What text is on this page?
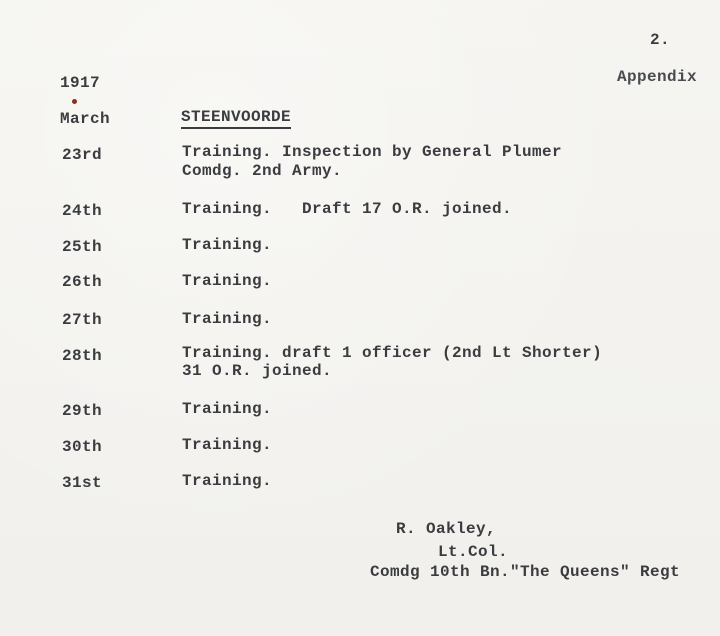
2.
1917	Appendix
March	STEENVOORDE
23rd	Training. Inspection by General Plumer
Comdg. 2nd Army.
24th	Training.   Draft 17 O.R. joined.
25th	Training.
26th	Training.
27th	Training.
28th	Training. draft 1 officer (2nd Lt Shorter)
31 O.R. joined.
29th	Training.
30th	Training.
31st	Training.
R. Oakley,
Lt.Col.
Comdg 10th Bn."The Queens" Regt
